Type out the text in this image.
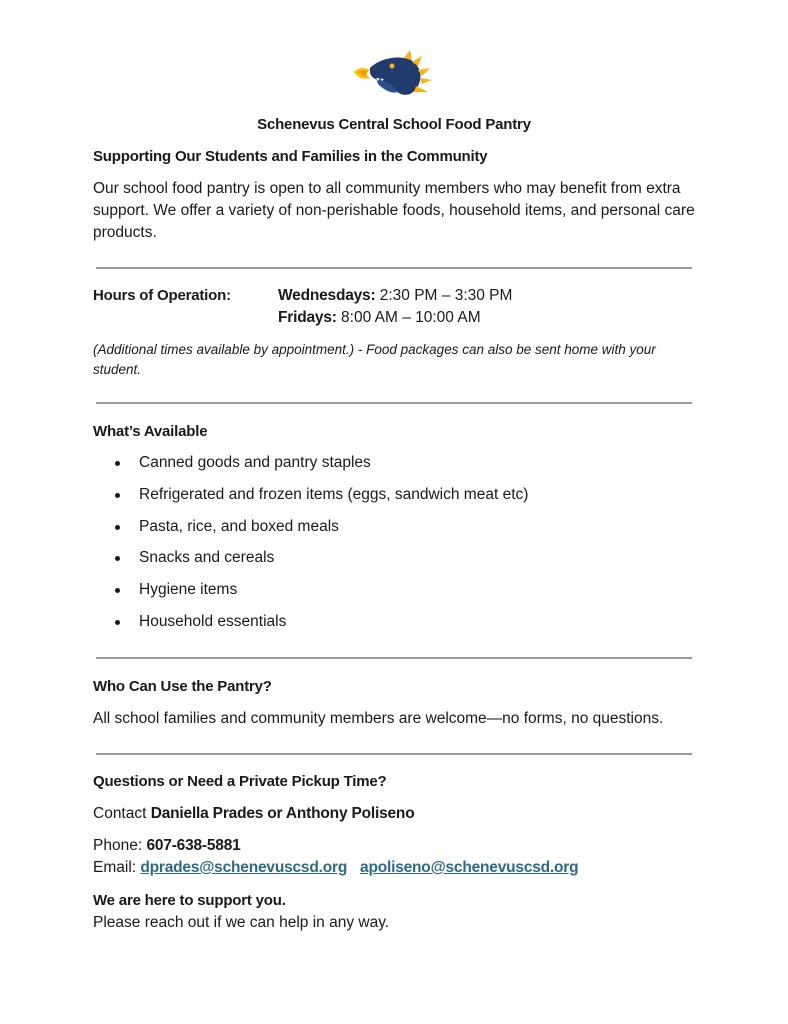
Schenevus Central School Food Pantry
Supporting Our Students and Families in the Community
Our school food pantry is open to all community members who may benefit from extra support. We offer a variety of non-perishable foods, household items, and personal care products.
Hours of Operation:	Wednesdays: 2:30 PM – 3:30 PM
Fridays: 8:00 AM – 10:00 AM
(Additional times available by appointment.) - Food packages can also be sent home with your student.
What’s Available
Canned goods and pantry staples
Refrigerated and frozen items (eggs, sandwich meat etc)
Pasta, rice, and boxed meals
Snacks and cereals
Hygiene items
Household essentials
Who Can Use the Pantry?
All school families and community members are welcome—no forms, no questions.
Questions or Need a Private Pickup Time?
Contact Daniella Prades or Anthony Poliseno
Phone: 607-638-5881
Email: dprades@schenevuscsd.org apoliseno@schenevuscsd.org
We are here to support you.
Please reach out if we can help in any way.
